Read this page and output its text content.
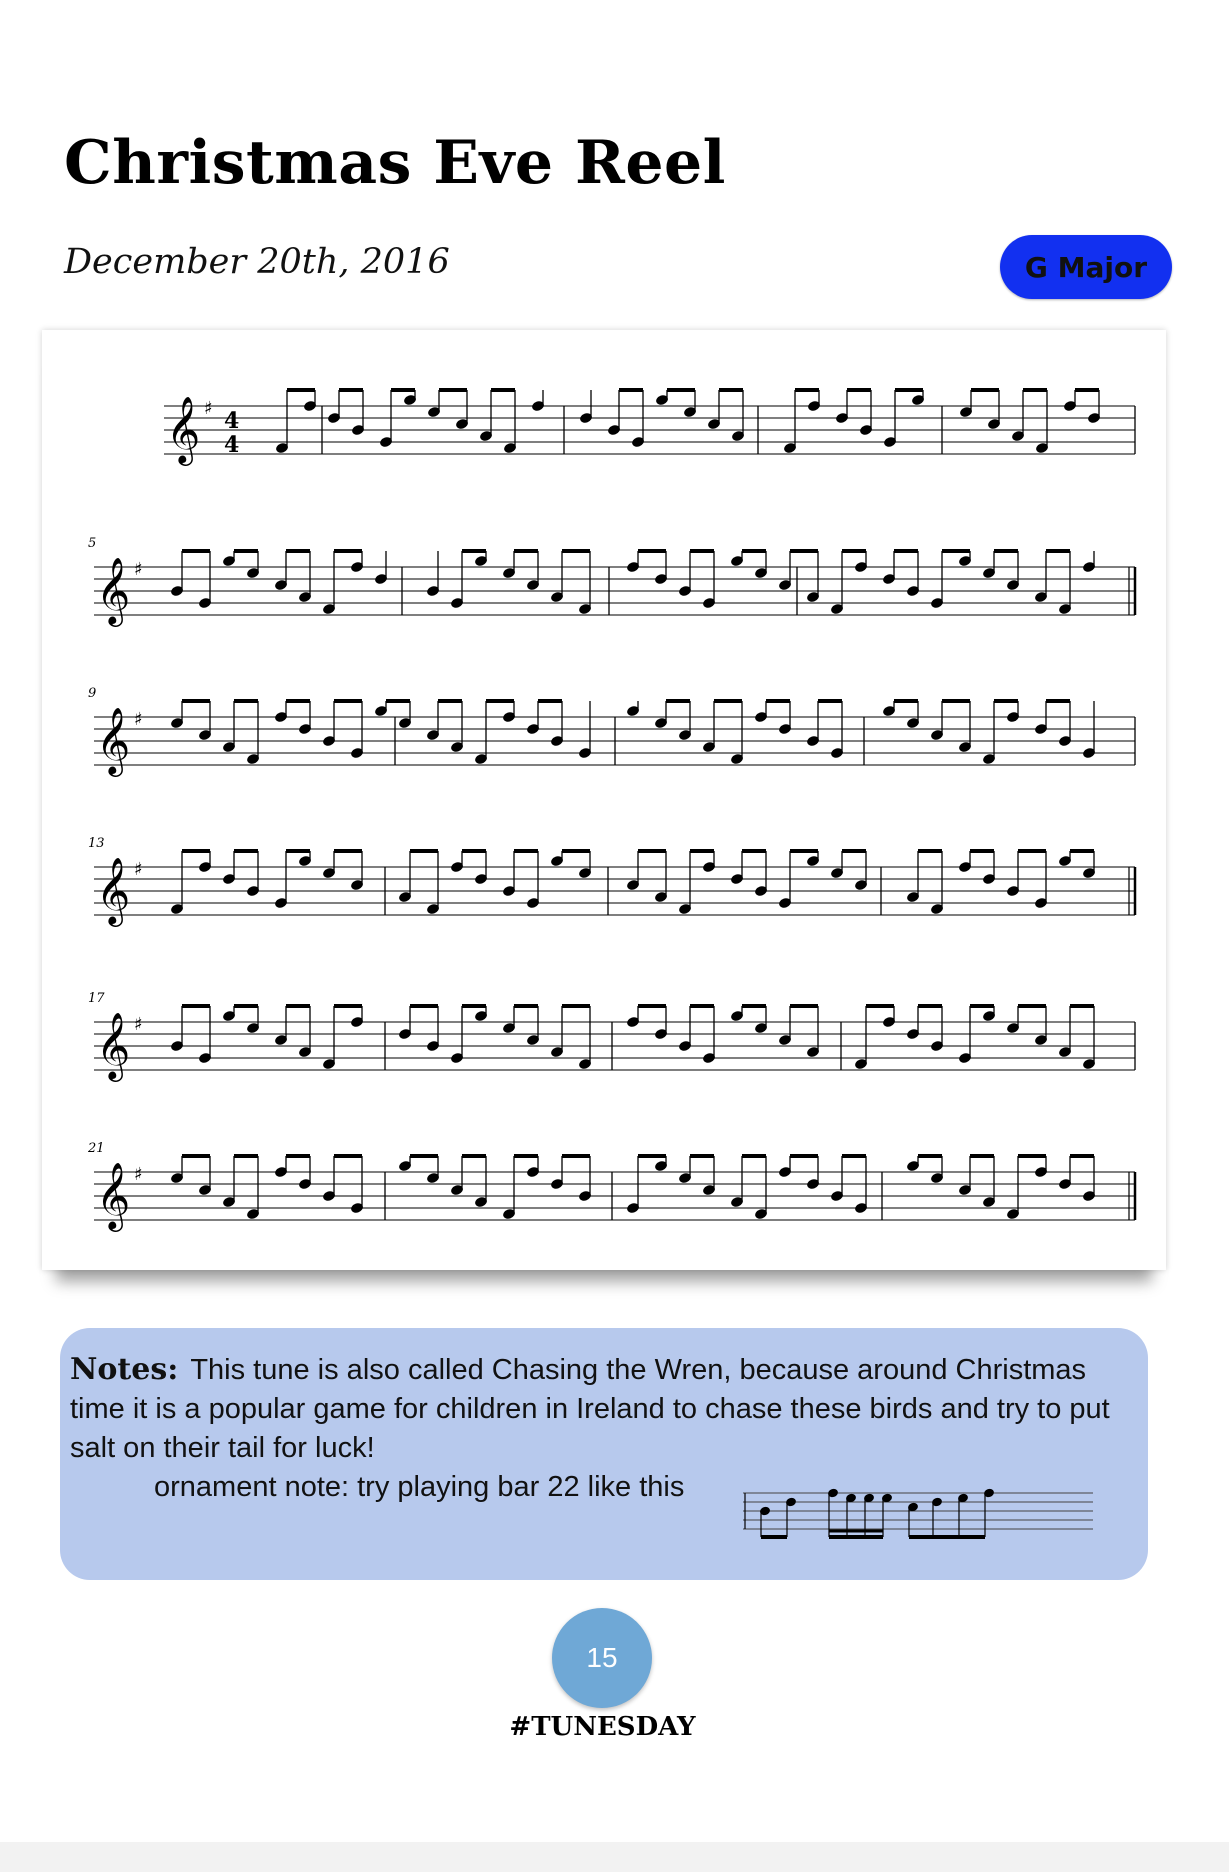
Christmas Eve Reel
December 20th, 2016	G Major
𝄞 ♯ 4
4
𝄞 ♯
5
𝄞 ♯
9
𝄞 ♯
13
𝄞 ♯
17
𝄞 ♯
21
Notes: This tune is also called Chasing the Wren, because around Christmas time it is a popular game for children in Ireland to chase these birds and try to put salt on their tail for luck!
ornament note: try playing bar 22 like this
15
#TUNESDAY
